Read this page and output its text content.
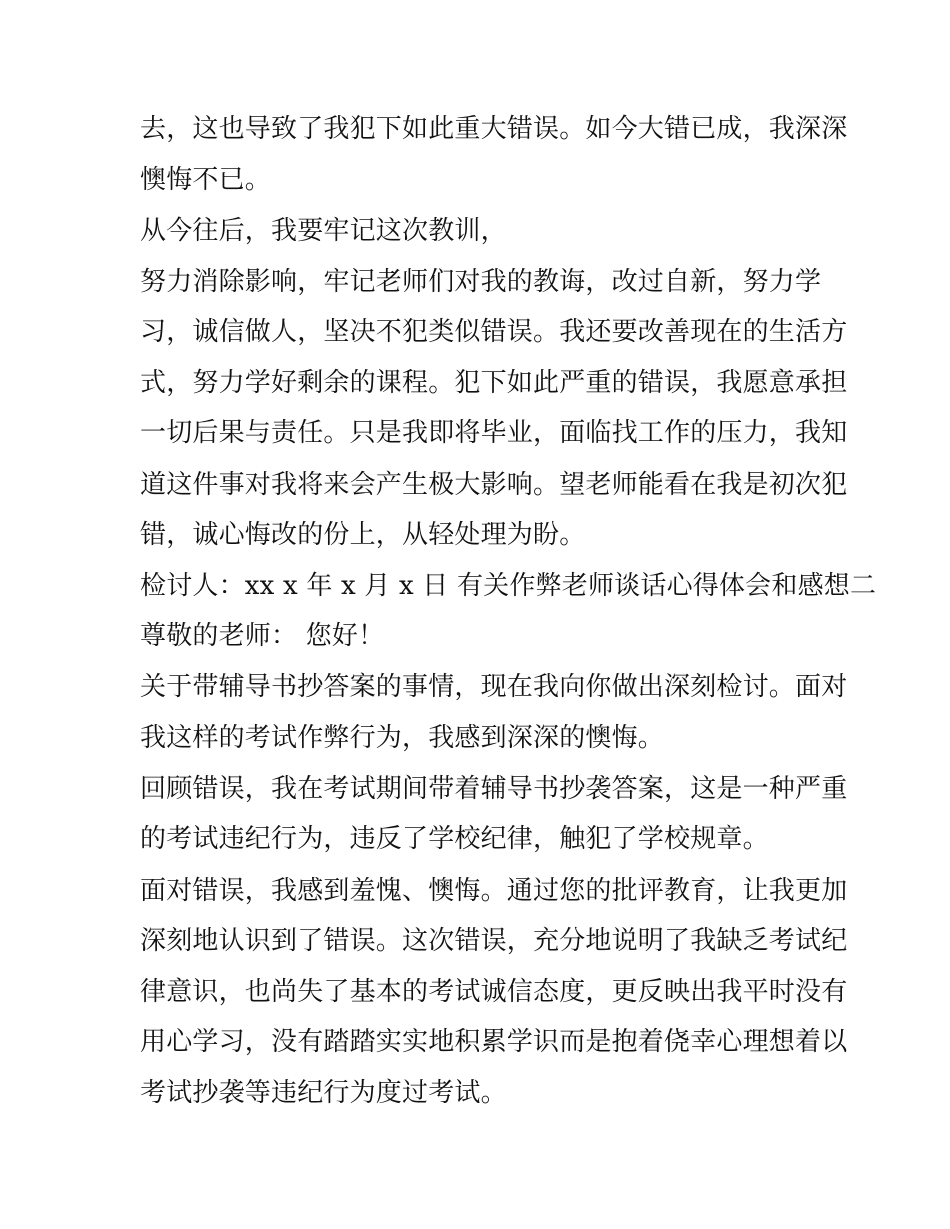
去，这也导致了我犯下如此重大错误。如今大错已成，我深深
懊悔不已。
从今往后，我要牢记这次教训，
努力消除影响，牢记老师们对我的教诲，改过自新，努力学
习，诚信做人，坚决不犯类似错误。我还要改善现在的生活方
式，努力学好剩余的课程。犯下如此严重的错误，我愿意承担
一切后果与责任。只是我即将毕业，面临找工作的压力，我知
道这件事对我将来会产生极大影响。望老师能看在我是初次犯
错，诚心悔改的份上，从轻处理为盼。
检讨人：xx x 年 x 月 x 日 有关作弊老师谈话心得体会和感想二
尊敬的老师： 您好！
关于带辅导书抄答案的事情，现在我向你做出深刻检讨。面对
我这样的考试作弊行为，我感到深深的懊悔。
回顾错误，我在考试期间带着辅导书抄袭答案，这是一种严重
的考试违纪行为，违反了学校纪律，触犯了学校规章。
面对错误，我感到羞愧、懊悔。通过您的批评教育，让我更加
深刻地认识到了错误。这次错误，充分地说明了我缺乏考试纪
律意识，也尚失了基本的考试诚信态度，更反映出我平时没有
用心学习，没有踏踏实实地积累学识而是抱着侥幸心理想着以
考试抄袭等违纪行为度过考试。
